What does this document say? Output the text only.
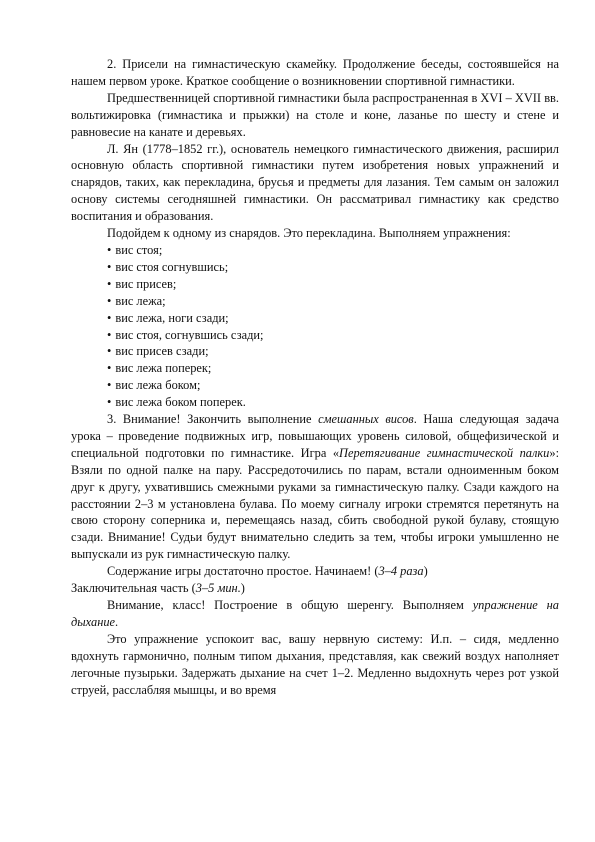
2. Присели на гимнастическую скамейку. Продолжение беседы, состоявшейся на нашем первом уроке. Краткое сообщение о возникновении спортивной гимнастики.

Предшественницей спортивной гимнастики была распространенная в XVI – XVII вв. вольтижировка (гимнастика и прыжки) на столе и коне, лазанье по шесту и стене и равновесие на канате и деревьях.

Л. Ян (1778–1852 гг.), основатель немецкого гимнастического движения, расширил основную область спортивной гимнастики путем изобретения новых упражнений и снарядов, таких, как перекладина, брусья и предметы для лазания. Тем самым он заложил основу системы сегодняшней гимнастики. Он рассматривал гимнастику как средство воспитания и образования.

Подойдем к одному из снарядов. Это перекладина. Выполняем упражнения:

• вис стоя;
• вис стоя согнувшись;
• вис присев;
• вис лежа;
• вис лежа, ноги сзади;
• вис стоя, согнувшись сзади;
• вис присев сзади;
• вис лежа поперек;
• вис лежа боком;
• вис лежа боком поперек.

3. Внимание! Закончить выполнение смешанных висов. Наша следующая задача урока – проведение подвижных игр, повышающих уровень силовой, общефизической и специальной подготовки по гимнастике. Игра «Перетягивание гимнастической палки»: Взяли по одной палке на пару. Рассредоточились по парам, встали одноименным боком друг к другу, ухватившись смежными руками за гимнастическую палку. Сзади каждого на расстоянии 2–3 м установлена булава. По моему сигналу игроки стремятся перетянуть на свою сторону соперника и, перемещаясь назад, сбить свободной рукой булаву, стоящую сзади. Внимание! Судьи будут внимательно следить за тем, чтобы игроки умышленно не выпускали из рук гимнастическую палку.

Содержание игры достаточно простое. Начинаем! (3–4 раза)

Заключительная часть (3–5 мин.)

Внимание, класс! Построение в общую шеренгу. Выполняем упражнение на дыхание.

Это упражнение успокоит вас, вашу нервную систему: И.п. – сидя, медленно вдохнуть гармонично, полным типом дыхания, представляя, как свежий воздух наполняет легочные пузырьки. Задержать дыхание на счет 1–2. Медленно выдохнуть через рот узкой струей, расслабляя мышцы, и во время
